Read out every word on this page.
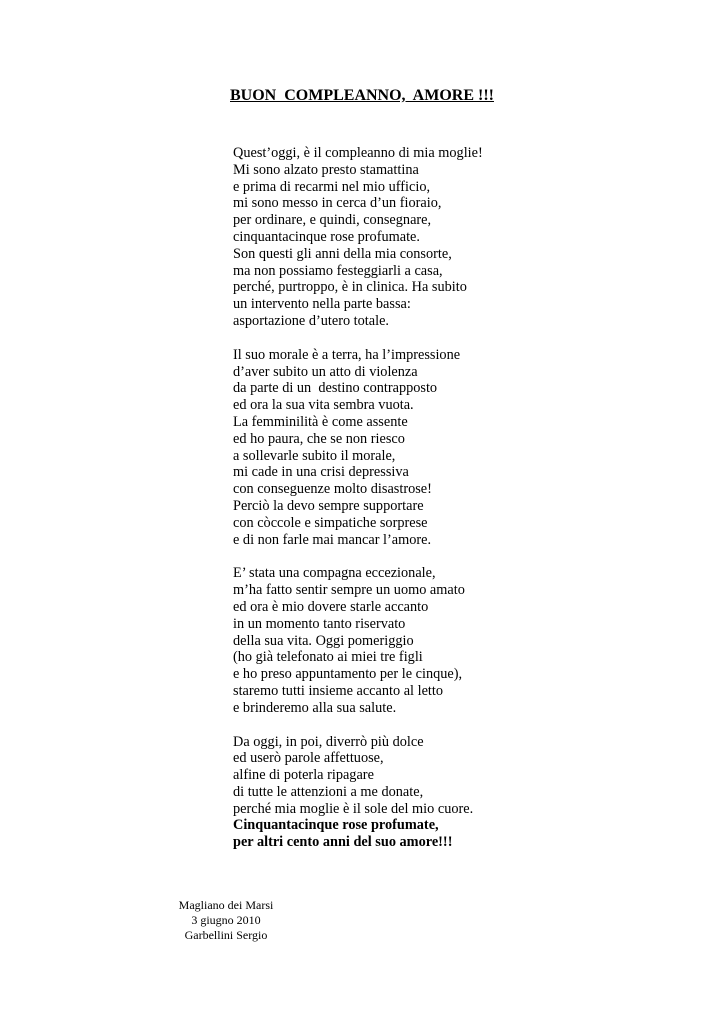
BUON  COMPLEANNO,  AMORE !!!
Quest’oggi, è il compleanno di mia moglie!
Mi sono alzato presto stamattina
e prima di recarmi nel mio ufficio,
mi sono messo in cerca d’un fioraio,
per ordinare, e quindi, consegnare,
cinquantacinque rose profumate.
Son questi gli anni della mia consorte,
ma non possiamo festeggiarli a casa,
perché, purtroppo, è in clinica. Ha subito
un intervento nella parte bassa:
asportazione d’utero totale.
Il suo morale è a terra, ha l’impressione
d’aver subito un atto di violenza
da parte di un  destino contrapposto
ed ora la sua vita sembra vuota.
La femminilità è come assente
ed ho paura, che se non riesco
a sollevarle subito il morale,
mi cade in una crisi depressiva
con conseguenze molto disastrose!
Perciò la devo sempre supportare
con còccole e simpatiche sorprese
e di non farle mai mancar l’amore.
E’ stata una compagna eccezionale,
m’ha fatto sentir sempre un uomo amato
ed ora è mio dovere starle accanto
in un momento tanto riservato
della sua vita. Oggi pomeriggio
(ho già telefonato ai miei tre figli
e ho preso appuntamento per le cinque),
staremo tutti insieme accanto al letto
e brinderemo alla sua salute.
Da oggi, in poi, diverrò più dolce
ed userò parole affettuose,
alfine di poterla ripagare
di tutte le attenzioni a me donate,
perché mia moglie è il sole del mio cuore.
Cinquantacinque rose profumate,
per altri cento anni del suo amore!!!
Magliano dei Marsi
3 giugno 2010
Garbellini Sergio
